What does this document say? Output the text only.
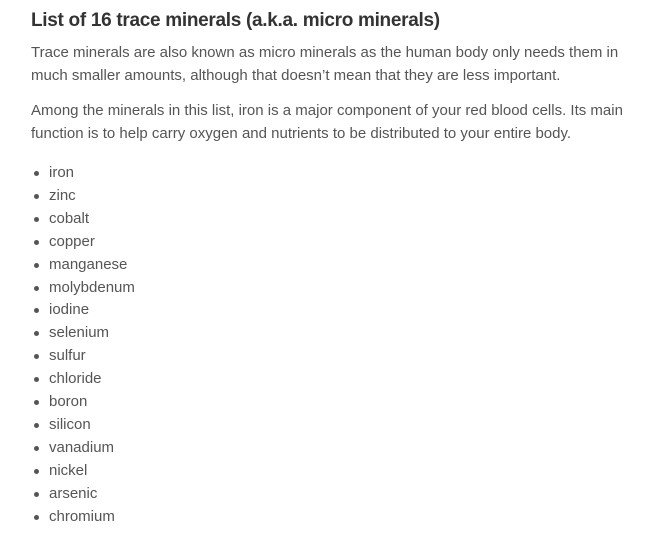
List of 16 trace minerals (a.k.a. micro minerals)

Trace minerals are also known as micro minerals as the human body only needs them in much smaller amounts, although that doesn’t mean that they are less important.

Among the minerals in this list, iron is a major component of your red blood cells. Its main function is to help carry oxygen and nutrients to be distributed to your entire body.

iron
zinc
cobalt
copper
manganese
molybdenum
iodine
selenium
sulfur
chloride
boron
silicon
vanadium
nickel
arsenic
chromium
